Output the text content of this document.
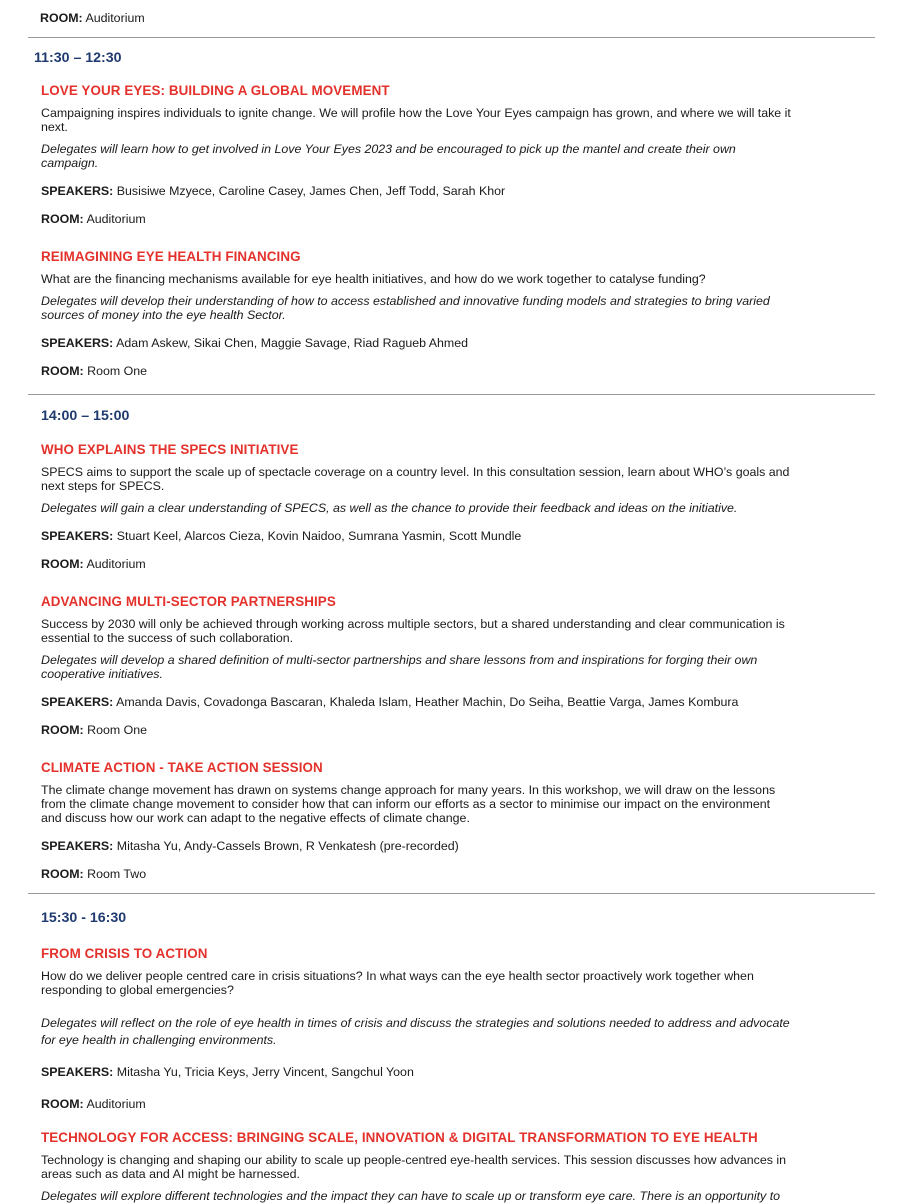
ROOM: Auditorium
11:30 – 12:30
LOVE YOUR EYES: BUILDING A GLOBAL MOVEMENT
Campaigning inspires individuals to ignite change. We will profile how the Love Your Eyes campaign has grown, and where we will take it
next.
Delegates will learn how to get involved in Love Your Eyes 2023 and be encouraged to pick up the mantel and create their own
campaign.
SPEAKERS: Busisiwe Mzyece, Caroline Casey, James Chen, Jeff Todd, Sarah Khor
ROOM: Auditorium
REIMAGINING EYE HEALTH FINANCING
What are the financing mechanisms available for eye health initiatives, and how do we work together to catalyse funding?
Delegates will develop their understanding of how to access established and innovative funding models and strategies to bring varied
sources of money into the eye health Sector.
SPEAKERS: Adam Askew, Sikai Chen, Maggie Savage, Riad Ragueb Ahmed
ROOM: Room One
14:00 – 15:00
WHO EXPLAINS THE SPECS INITIATIVE
SPECS aims to support the scale up of spectacle coverage on a country level. In this consultation session, learn about WHO’s goals and
next steps for SPECS.
Delegates will gain a clear understanding of SPECS, as well as the chance to provide their feedback and ideas on the initiative.
SPEAKERS: Stuart Keel, Alarcos Cieza, Kovin Naidoo, Sumrana Yasmin, Scott Mundle
ROOM: Auditorium
ADVANCING MULTI-SECTOR PARTNERSHIPS
Success by 2030 will only be achieved through working across multiple sectors, but a shared understanding and clear communication is
essential to the success of such collaboration.
Delegates will develop a shared definition of multi-sector partnerships and share lessons from and inspirations for forging their own
cooperative initiatives.
SPEAKERS: Amanda Davis, Covadonga Bascaran, Khaleda Islam, Heather Machin, Do Seiha, Beattie Varga, James Kombura
ROOM: Room One
CLIMATE ACTION - TAKE ACTION SESSION
The climate change movement has drawn on systems change approach for many years. In this workshop, we will draw on the lessons
from the climate change movement to consider how that can inform our efforts as a sector to minimise our impact on the environment
and discuss how our work can adapt to the negative effects of climate change.
SPEAKERS: Mitasha Yu, Andy-Cassels Brown, R Venkatesh (pre-recorded)
ROOM: Room Two
15:30 - 16:30
FROM CRISIS TO ACTION
How do we deliver people centred care in crisis situations? In what ways can the eye health sector proactively work together when
responding to global emergencies?
Delegates will reflect on the role of eye health in times of crisis and discuss the strategies and solutions needed to address and advocate
for eye health in challenging environments.
SPEAKERS: Mitasha Yu, Tricia Keys, Jerry Vincent, Sangchul Yoon
ROOM: Auditorium
TECHNOLOGY FOR ACCESS: BRINGING SCALE, INNOVATION & DIGITAL TRANSFORMATION TO EYE HEALTH
Technology is changing and shaping our ability to scale up people-centred eye-health services. This session discusses how advances in
areas such as data and AI might be harnessed.
Delegates will explore different technologies and the impact they can have to scale up or transform eye care. There is an opportunity to
